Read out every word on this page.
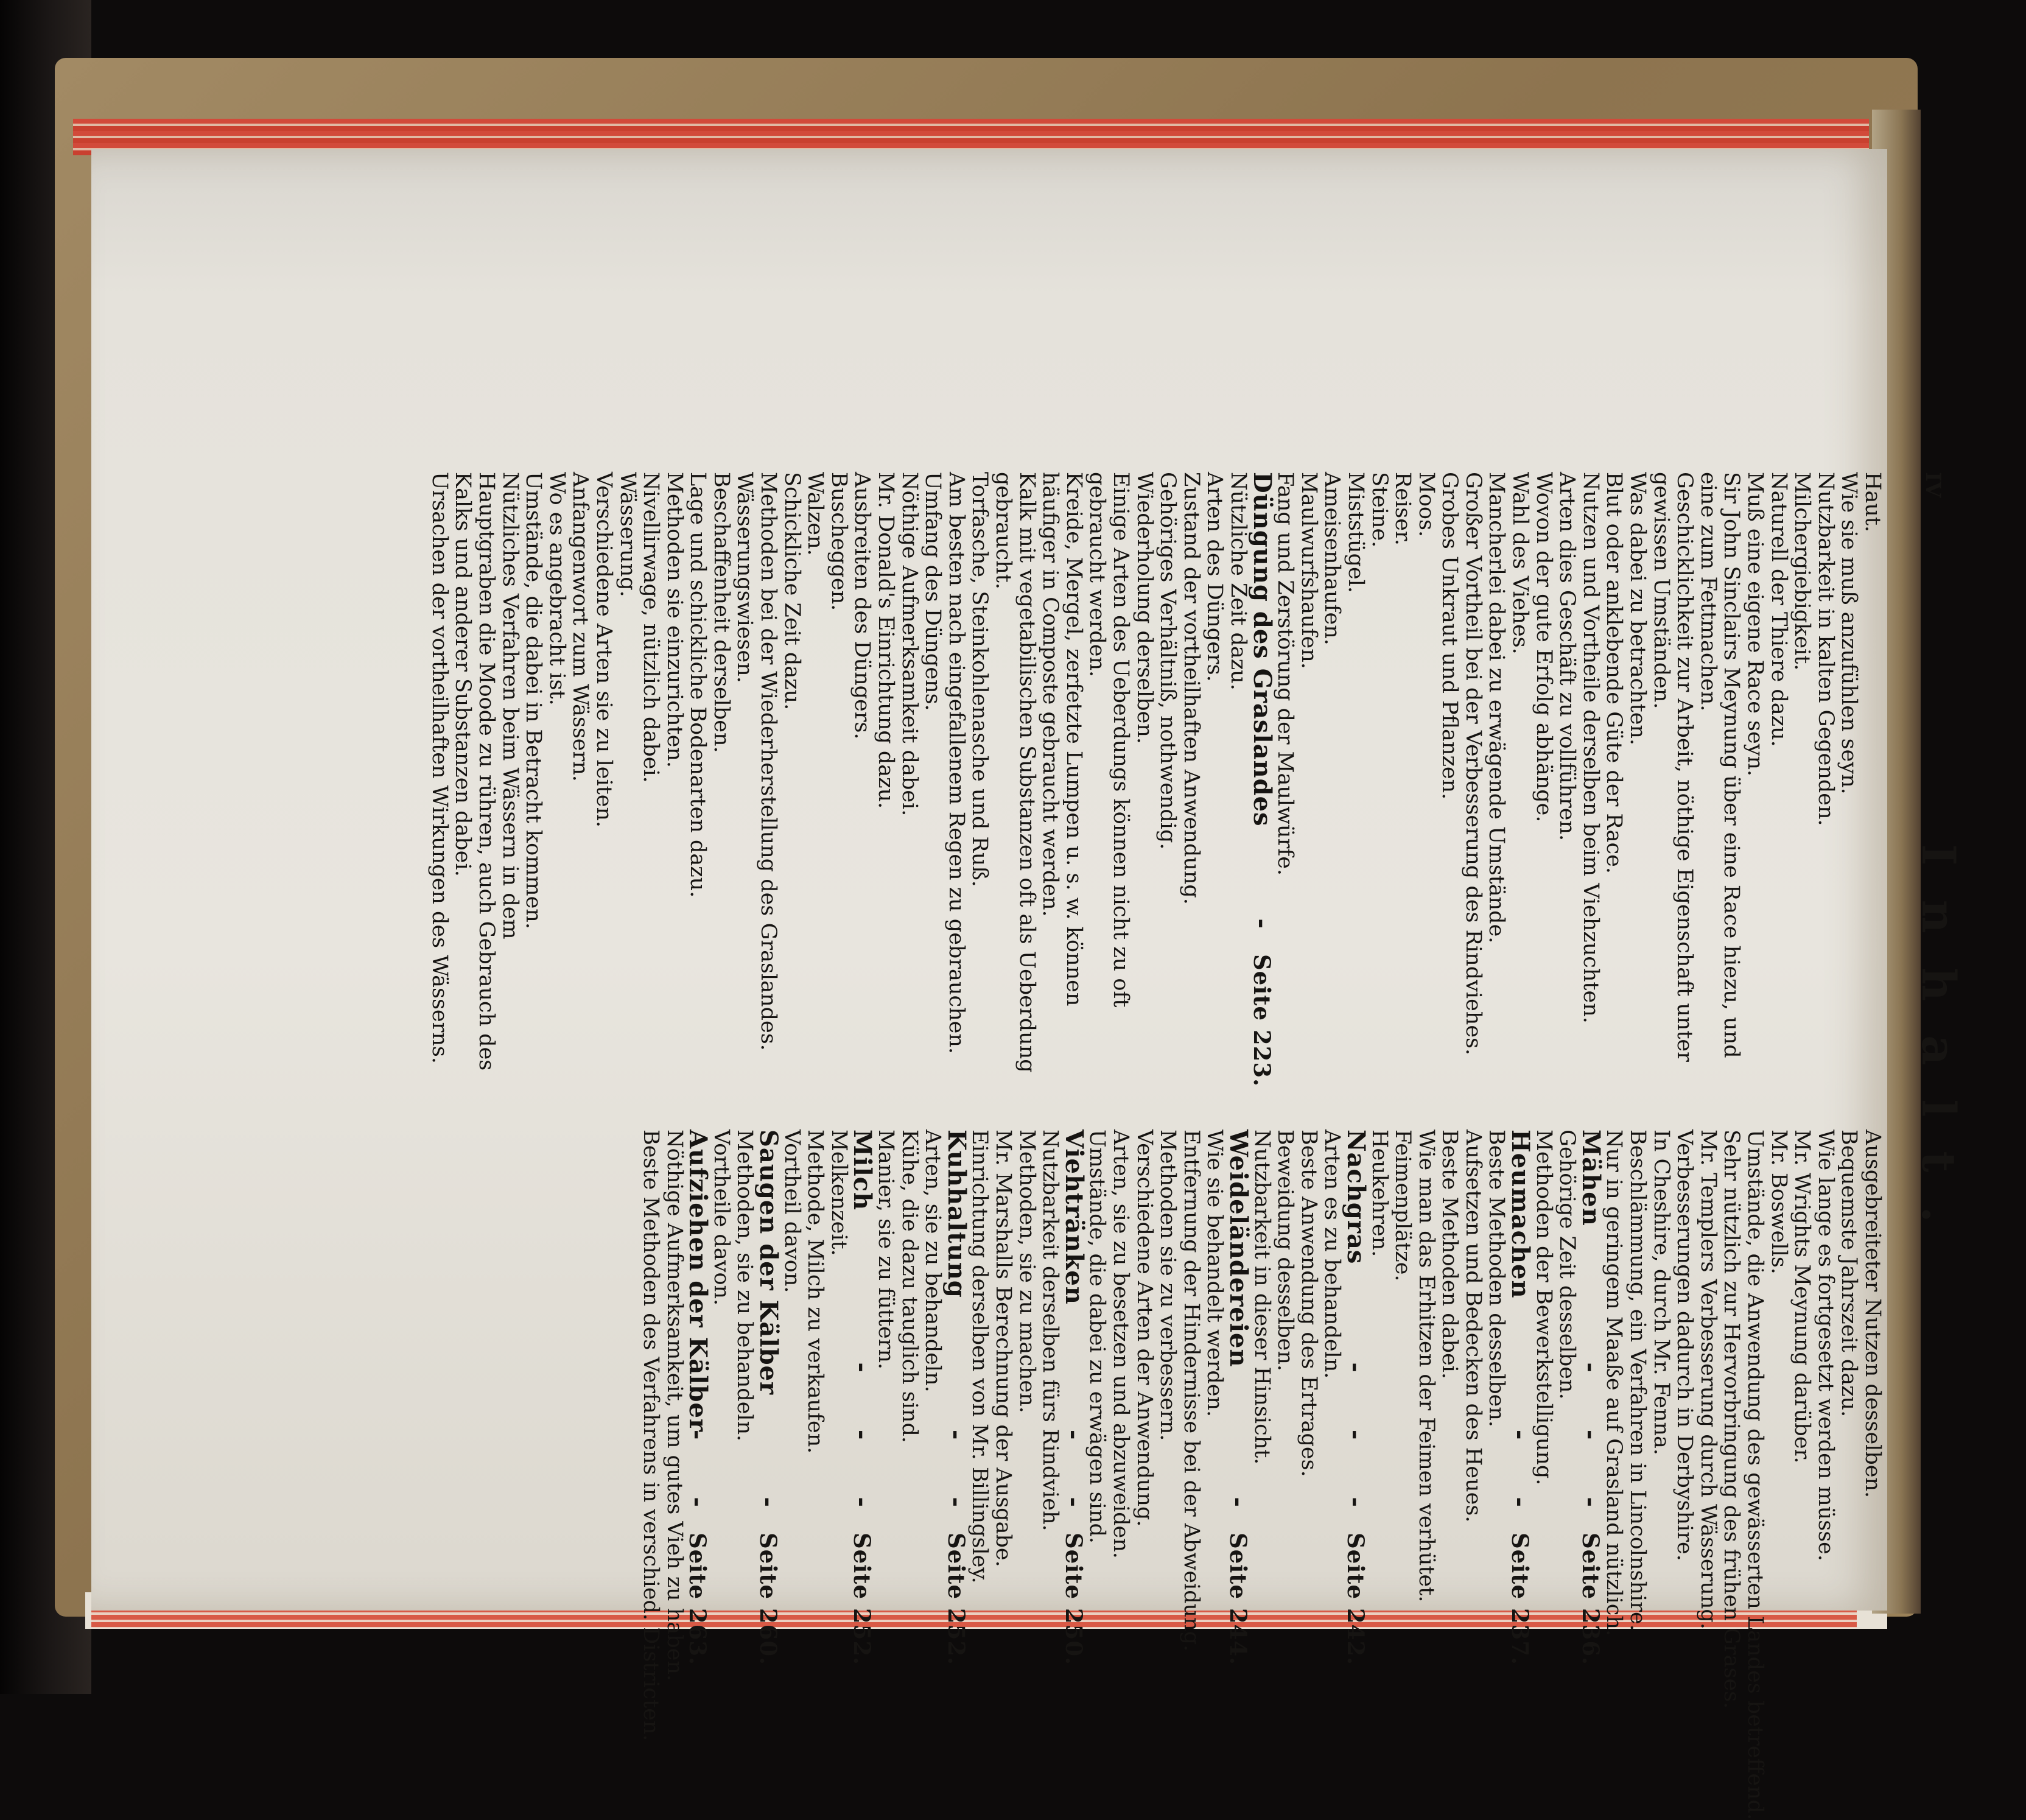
IV
Inhalt.
Haut.
Wie sie muß anzufühlen seyn.
Nutzbarkeit in kalten Gegenden.
Milchergiebigkeit.
Naturell der Thiere dazu.
Muß eine eigene Race seyn.
Sir John Sinclairs Meynung über eine Race hiezu, und eine zum Fettmachen.
Geschicklichkeit zur Arbeit, nöthige Eigenschaft unter gewissen Umständen.
Was dabei zu betrachten.
Blut oder anklebende Güte der Race.
Nutzen und Vortheile derselben beim Viehzuchten.
Arten dies Geschäft zu vollführen.
Wovon der gute Erfolg abhänge.
Wahl des Viehes.
Mancherlei dabei zu erwägende Umstände.
Großer Vortheil bei der Verbesserung des Rindviehes.
Grobes Unkraut und Pflanzen.
Moos.
Reiser.
Steine.
Miststügel.
Ameisenhaufen.
Maulwurfshaufen.
Fang und Zerstörung der Maulwürfe.
Düngung des Graslandes
-
Seite 223.
Nützliche Zeit dazu.
Arten des Düngers.
Zustand der vortheilhaften Anwendung.
Gehöriges Verhältniß, nothwendig.
Wiederholung derselben.
Einige Arten des Ueberdungs können nicht zu oft gebraucht werden.
Kreide, Mergel, zerfetzte Lumpen u. s. w. können häufiger in Composte gebraucht werden.
Kalk mit vegetabilischen Substanzen oft als Ueberdung gebraucht.
Torfasche, Steinkohlenasche und Ruß.
Am besten nach eingefallenem Regen zu gebrauchen.
Umfang des Düngens.
Nöthige Aufmerksamkeit dabei.
Mr. Donald's Einrichtung dazu.
Ausbreiten des Düngers.
Buscheggen.
Walzen.
Schickliche Zeit dazu.
Methoden bei der Wiederherstellung des Graslandes.
Wässerungswiesen.
Beschaffenheit derselben.
Lage und schickliche Bodenarten dazu.
Methoden sie einzurichten.
Nivellirwage, nützlich dabei.
Wässerung.
Verschiedene Arten sie zu leiten.
Anfangenwort zum Wässern.
Wo es angebracht ist.
Umstände, die dabei in Betracht kommen.
Nützliches Verfahren beim Wässern in dem Hauptgraben die Moode zu rühren, auch Gebrauch des Kalks und anderer Substanzen dabei.
Ursachen der vortheilhaften Wirkungen des Wässerns.
Ausgebreiteter Nutzen desselben.
Bequemste Jahrszeit dazu.
Wie lange es fortgesetzt werden müsse.
Mr. Wrights Meynung darüber.
Mr. Boswells.
Umstände, die Anwendung des gewässerten Landes betreffend.
Sehr nützlich zur Hervorbringung des frühen Grases.
Mr. Templers Verbesserung durch Wässerung.
Verbesserungen dadurch in Derbyshire.
In Cheshire, durch Mr. Fenna.
Beschlämmung, ein Verfahren in Lincolnshire.
Nur in geringem Maaße auf Grasland nützlich.
Mähen
- - -
Seite 236.
Gehörige Zeit desselben.
Methoden der Bewerkstelligung.
Heumachen
- -
Seite 237.
Beste Methoden desselben.
Aufsetzen und Bedecken des Heues.
Beste Methoden dabei.
Wie man das Erhitzen der Feimen verhütet.
Feimenplätze.
Heukehren.
Nachgras
- - -
Seite 242.
Arten es zu behandeln.
Beste Anwendung des Ertrages.
Beweidung desselben.
Nutzbarkeit in dieser Hinsicht.
Weideländereien
-
Seite 244.
Wie sie behandelt werden.
Entfernung der Hindernisse bei der Abweidung.
Methoden sie zu verbessern.
Verschiedene Arten der Anwendung.
Arten, sie zu besetzen und abzuweiden.
Umstände, die dabei zu erwägen sind.
Viehtränken
- -
Seite 250.
Nutzbarkeit derselben fürs Rindvieh.
Methoden, sie zu machen.
Mr. Marshalls Berechnung der Ausgabe.
Einrichtung derselben von Mr. Billingsley.
Kuhhaltung
- -
Seite 252.
Arten, sie zu behandeln.
Kühe, die dazu tauglich sind.
Manier, sie zu füttern.
Milch
- - -
Seite 252.
Melkenzeit.
Methode, Milch zu verkaufen.
Vortheil davon.
Saugen der Kälber
-
Seite 260.
Methoden, sie zu behandeln.
Vortheile davon.
Aufziehen der Kälber
- -
Seite 263.
Nöthige Aufmerksamkeit, um gutes Vieh zu haben.
Beste Methoden des Verfahrens in verschied. Districten.
